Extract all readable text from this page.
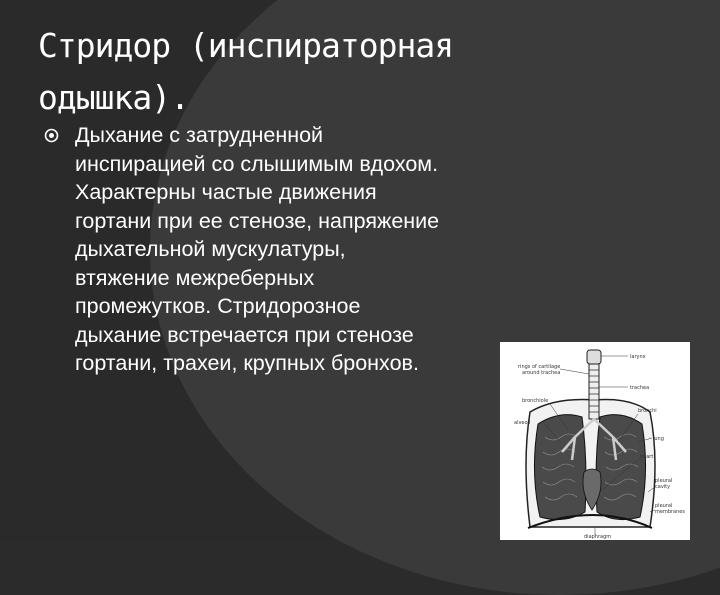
Стридор (инспираторная
одышка).
Дыхание с затрудненной
инспирацией со слышимым вдохом.
Характерны частые движения
гортани при ее стенозе, напряжение
дыхательной мускулатуры,
втяжение межреберных
промежутков. Стридорозное
дыхание встречается при стенозе
гортани, трахеи, крупных бронхов.	larynx
rings of cartilage
around trachea
trachea
bronchiole
bronchi
alveoli
lung
heart
pleural
cavity
pleural
membranes
diaphragm
